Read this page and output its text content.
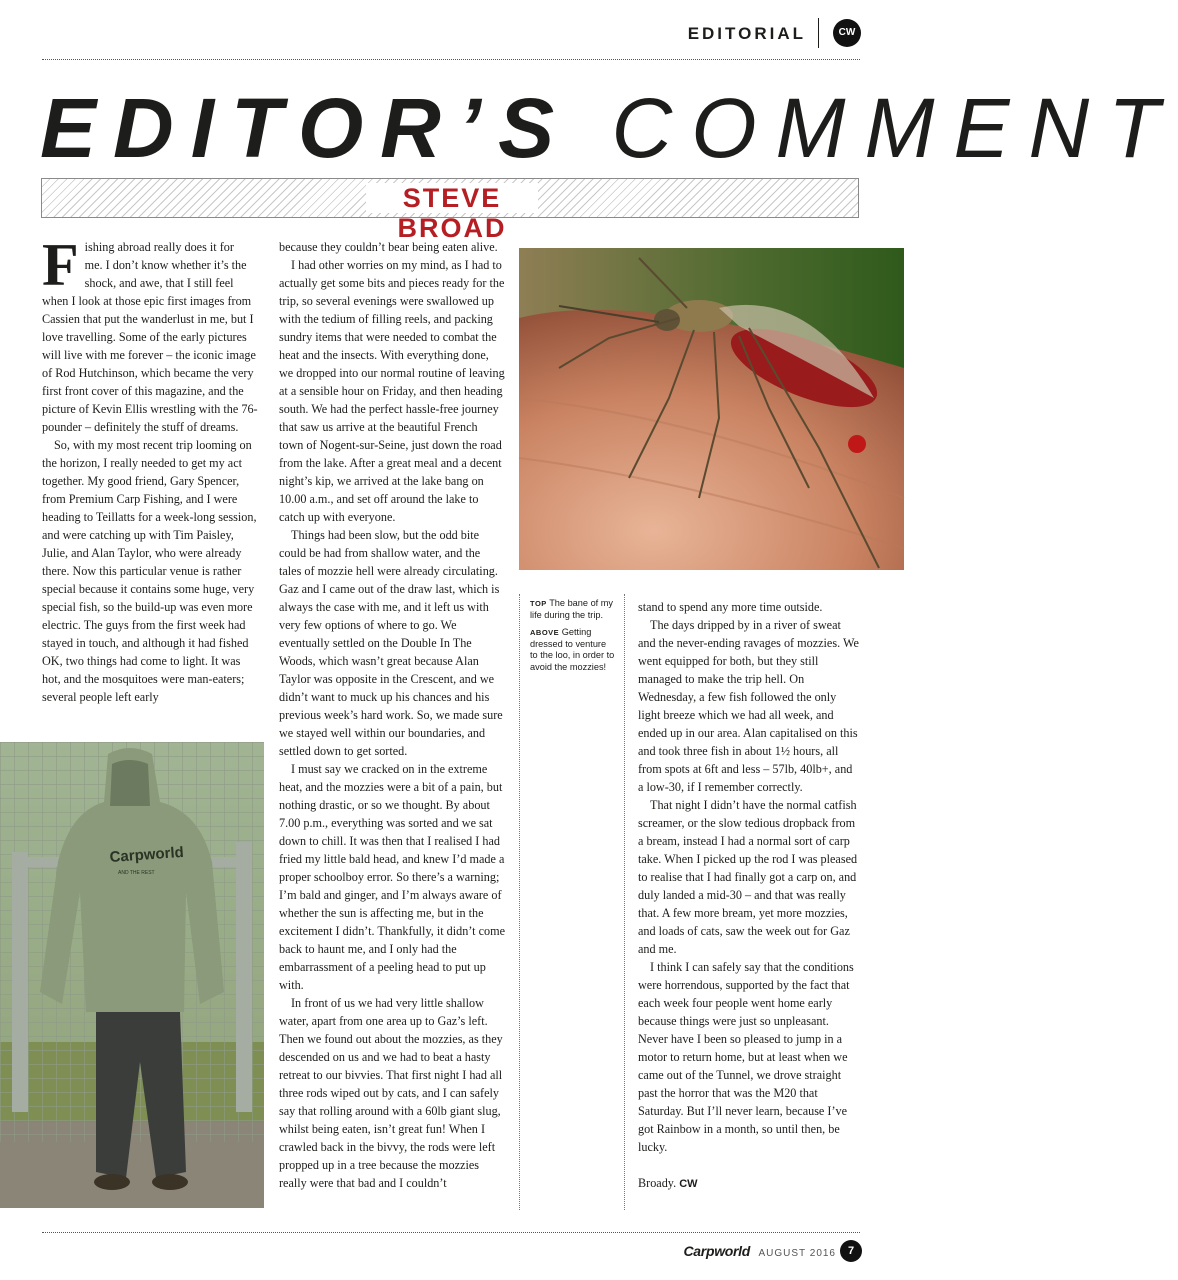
EDITORIAL	CW
EDITOR’S COMMENT
STEVE BROAD

F ishing abroad really does it for
me. I don’t know whether it’s the
shock, and awe, that I still feel
when I look at those epic first images from Cassien that put the wanderlust in me, but I love travelling. Some of the early pictures will live with me forever – the iconic image of Rod Hutchinson, which became the very first front cover of this magazine, and the picture of Kevin Ellis wrestling with the 76-pounder – definitely the stuff of dreams.

So, with my most recent trip looming on the horizon, I really needed to get my act together. My good friend, Gary Spencer, from Premium Carp Fishing, and I were heading to Teillatts for a week-long session, and were catching up with Tim Paisley, Julie, and Alan Taylor, who were already there. Now this particular venue is rather special because it contains some huge, very special fish, so the build-up was even more electric. The guys from the first week had stayed in touch, and although it had fished OK, two things had come to light. It was hot, and the mosquitoes were man-eaters; several people left early

Carpworld
AND THE REST

because they couldn’t bear being eaten alive.

I had other worries on my mind, as I had to actually get some bits and pieces ready for the trip, so several evenings were swallowed up with the tedium of filling reels, and packing sundry items that were needed to combat the heat and the insects. With everything done, we dropped into our normal routine of leaving at a sensible hour on Friday, and then heading south. We had the perfect hassle-free journey that saw us arrive at the beautiful French town of Nogent-sur-Seine, just down the road from the lake. After a great meal and a decent night’s kip, we arrived at the lake bang on 10.00 a.m., and set off around the lake to catch up with everyone.

Things had been slow, but the odd bite could be had from shallow water, and the tales of mozzie hell were already circulating. Gaz and I came out of the draw last, which is always the case with me, and it left us with very few options of where to go. We eventually settled on the Double In The Woods, which wasn’t great because Alan Taylor was opposite in the Crescent, and we didn’t want to muck up his chances and his previous week’s hard work. So, we made sure we stayed well within our boundaries, and settled down to get sorted.

I must say we cracked on in the extreme heat, and the mozzies were a bit of a pain, but nothing drastic, or so we thought. By about 7.00 p.m., everything was sorted and we sat down to chill. It was then that I realised I had fried my little bald head, and knew I’d made a proper schoolboy error. So there’s a warning; I’m bald and ginger, and I’m always aware of whether the sun is affecting me, but in the excitement I didn’t. Thankfully, it didn’t come back to haunt me, and I only had the embarrassment of a peeling head to put up with.

In front of us we had very little shallow water, apart from one area up to Gaz’s left. Then we found out about the mozzies, as they descended on us and we had to beat a hasty retreat to our bivvies. That first night I had all three rods wiped out by cats, and I can safely say that rolling around with a 60lb giant slug, whilst being eaten, isn’t great fun! When I crawled back in the bivvy, the rods were left propped up in a tree because the mozzies really were that bad and I couldn’t

TOP The bane of my life during the trip.

ABOVE Getting dressed to venture to the loo, in order to avoid the mozzies!

stand to spend any more time outside.

The days dripped by in a river of sweat and the never-ending ravages of mozzies. We went equipped for both, but they still managed to make the trip hell. On Wednesday, a few fish followed the only light breeze which we had all week, and ended up in our area. Alan capitalised on this and took three fish in about 1½ hours, all from spots at 6ft and less – 57lb, 40lb+, and a low-30, if I remember correctly.

That night I didn’t have the normal catfish screamer, or the slow tedious dropback from a bream, instead I had a normal sort of carp take. When I picked up the rod I was pleased to realise that I had finally got a carp on, and duly landed a mid-30 – and that was really that. A few more bream, yet more mozzies, and loads of cats, saw the week out for Gaz and me.

I think I can safely say that the conditions were horrendous, supported by the fact that each week four people went home early because things were just so unpleasant. Never have I been so pleased to jump in a motor to return home, but at least when we came out of the Tunnel, we drove straight past the horror that was the M20 that Saturday. But I’ll never learn, because I’ve got Rainbow in a month, so until then, be lucky.

Broady. CW

Carpworld AUGUST 2016	7
